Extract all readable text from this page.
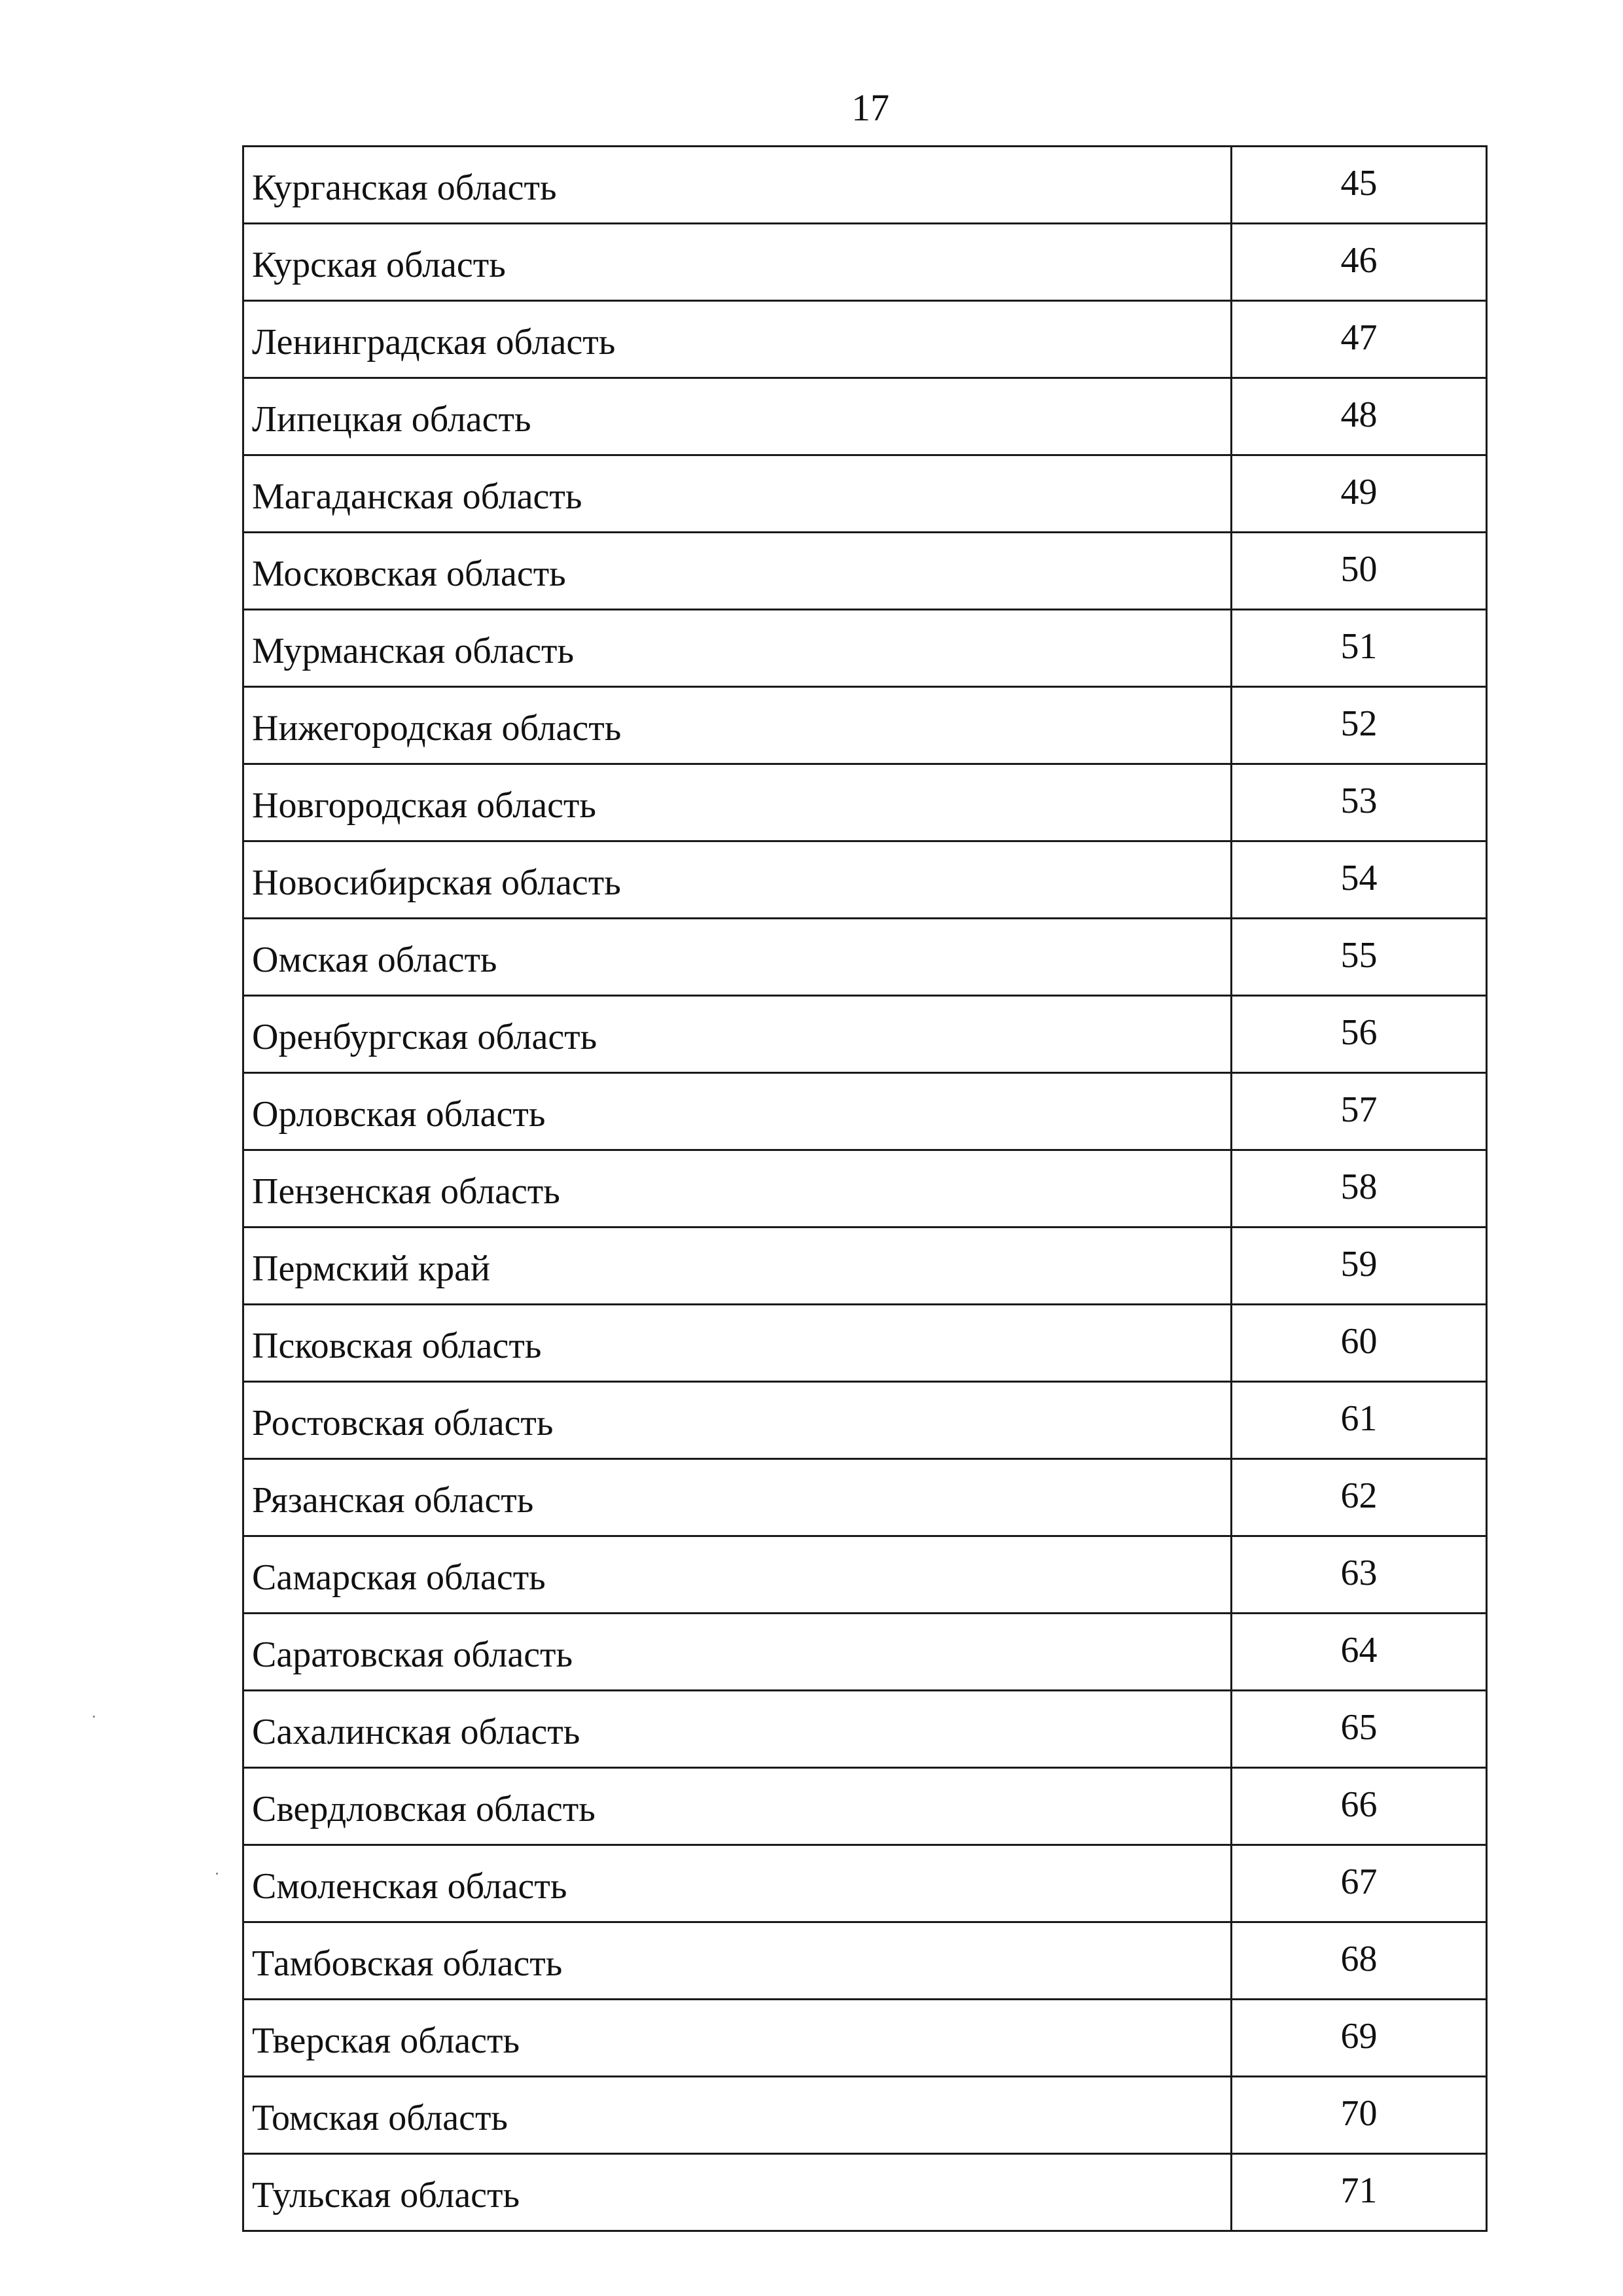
17
Курганская область	45
Курская область	46
Ленинградская область	47
Липецкая область	48
Магаданская область	49
Московская область	50
Мурманская область	51
Нижегородская область	52
Новгородская область	53
Новосибирская область	54
Омская область	55
Оренбургская область	56
Орловская область	57
Пензенская область	58
Пермский край	59
Псковская область	60
Ростовская область	61
Рязанская область	62
Самарская область	63
Саратовская область	64
Сахалинская область	65
Свердловская область	66
Смоленская область	67
Тамбовская область	68
Тверская область	69
Томская область	70
Тульская область	71
